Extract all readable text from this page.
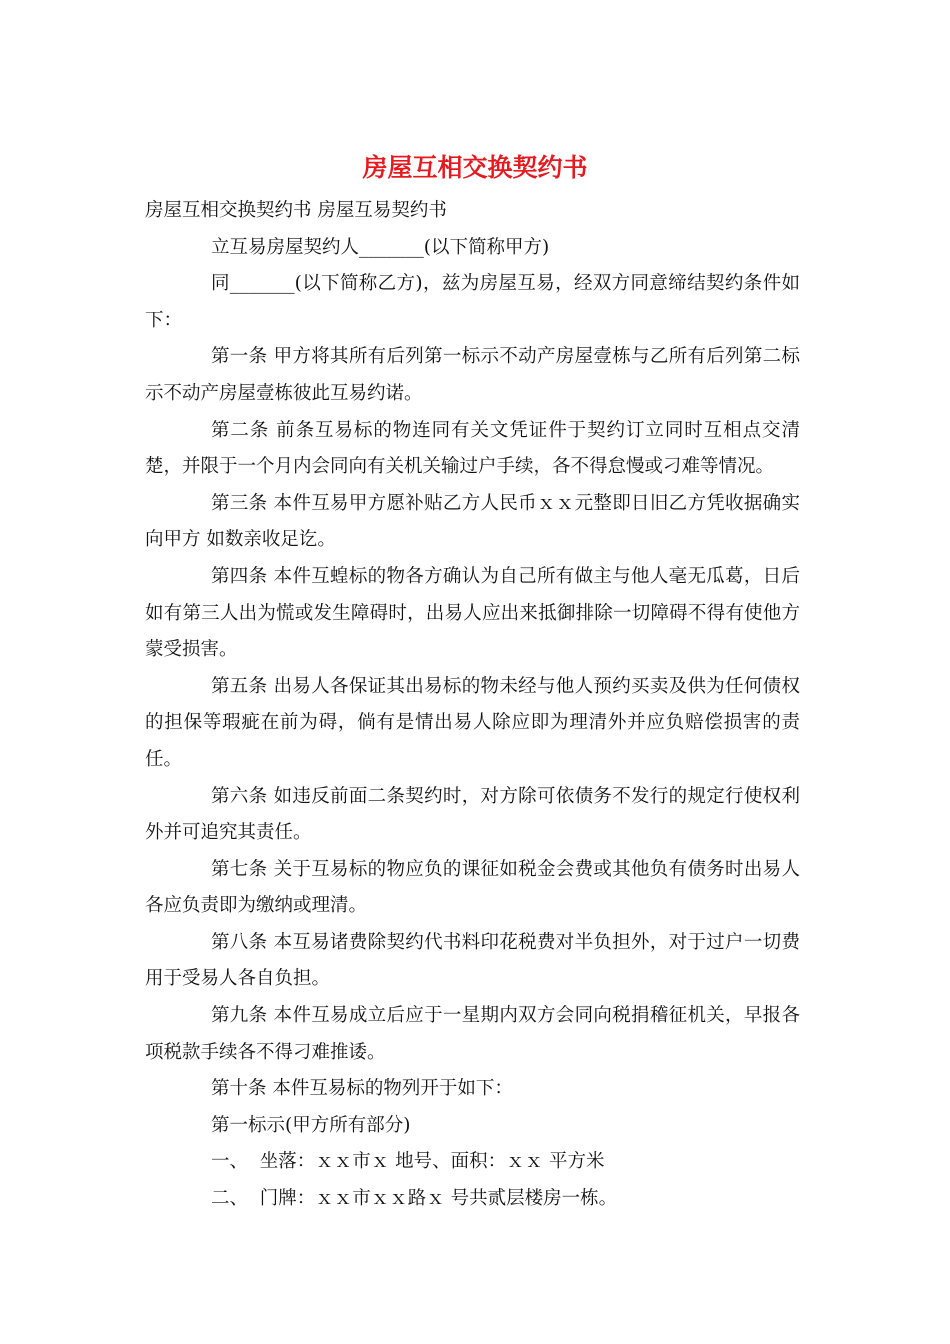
房屋互相交换契约书

房屋互相交换契约书 房屋互易契约书

立互易房屋契约人_______(以下简称甲方)

同_______(以下简称乙方)，兹为房屋互易，经双方同意缔结契约条件如下：

第一条 甲方将其所有后列第一标示不动产房屋壹栋与乙所有后列第二标示不动产房屋壹栋彼此互易约诺。

第二条 前条互易标的物连同有关文凭证件于契约订立同时互相点交清楚，并限于一个月内会同向有关机关输过户手续，各不得怠慢或刁难等情况。

第三条 本件互易甲方愿补贴乙方人民币ｘｘ元整即日旧乙方凭收据确实向甲方 如数亲收足讫。

第四条 本件互蝗标的物各方确认为自己所有做主与他人毫无瓜葛，日后如有第三人出为慌或发生障碍时，出易人应出来抵御排除一切障碍不得有使他方蒙受损害。

第五条 出易人各保证其出易标的物未经与他人预约买卖及供为任何债权的担保等瑕疵在前为碍，倘有是情出易人除应即为理清外并应负赔偿损害的责任。

第六条 如违反前面二条契约时，对方除可依债务不发行的规定行使权利外并可追究其责任。

第七条 关于互易标的物应负的课征如税金会费或其他负有债务时出易人各应负责即为缴纳或理清。

第八条 本互易诸费除契约代书料印花税费对半负担外，对于过户一切费用于受易人各自负担。

第九条 本件互易成立后应于一星期内双方会同向税捐稽征机关，早报各项税款手续各不得刁难推诿。

第十条 本件互易标的物列开于如下：

第一标示(甲方所有部分)

一、  坐落：ｘｘ市ｘ 地号、面积：ｘｘ 平方米

二、  门牌：ｘｘ市ｘｘ路ｘ 号共贰层楼房一栋。
